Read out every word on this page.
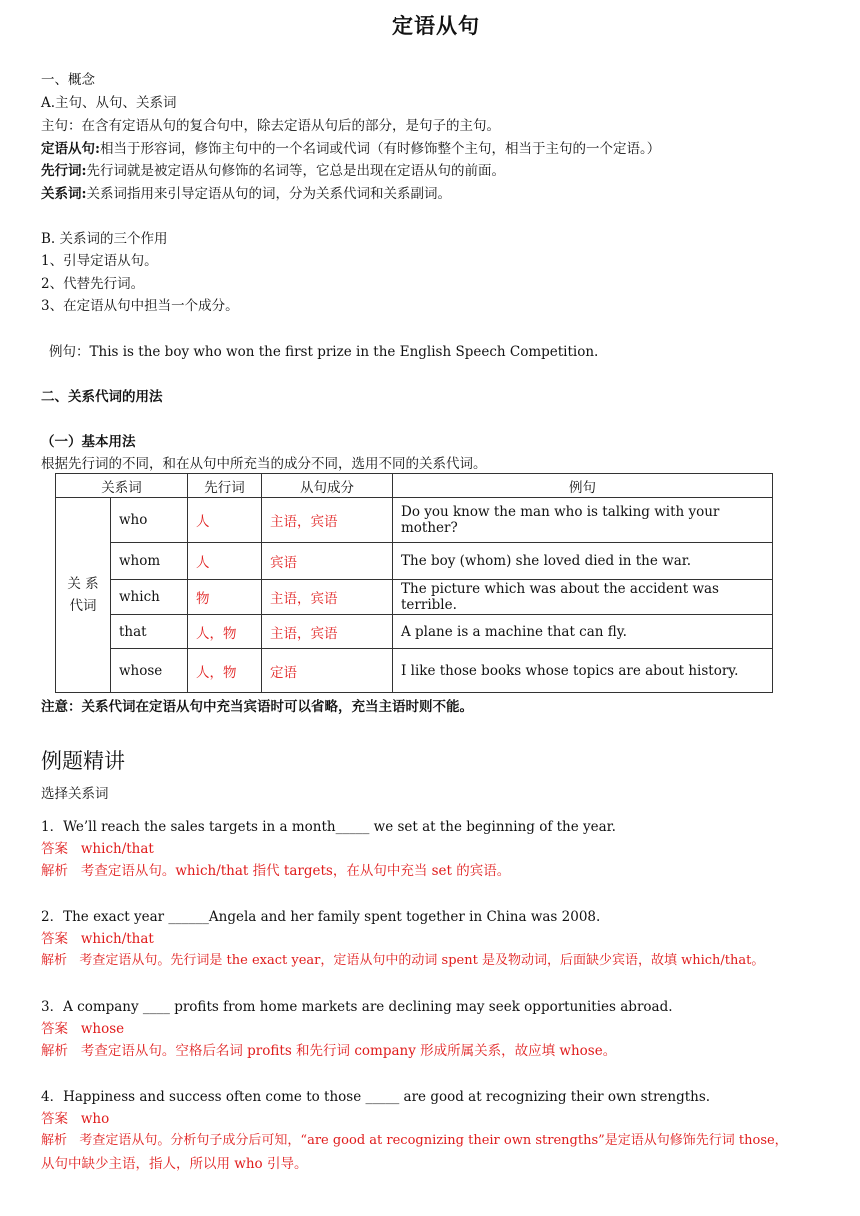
定语从句
一、概念
A.主句、从句、关系词
主句：在含有定语从句的复合句中，除去定语从句后的部分，是句子的主句。
定语从句:相当于形容词，修饰主句中的一个名词或代词（有时修饰整个主句，相当于主句的一个定语。）
先行词:先行词就是被定语从句修饰的名词等，它总是出现在定语从句的前面。
关系词:关系词指用来引导定语从句的词，分为关系代词和关系副词。
B. 关系词的三个作用
1、引导定语从句。
2、代替先行词。
3、在定语从句中担当一个成分。
例句：This is the boy who won the first prize in the English Speech Competition.
二、关系代词的用法
（一）基本用法
根据先行词的不同，和在从句中所充当的成分不同，选用不同的关系代词。
关系词		先行词	从句成分	例句

关 系
代词	who	人	主语，宾语	Do you know the man who is talking with your mother?
	whom	人	宾语	The boy (whom) she loved died in the war.
	which	物	主语，宾语	The picture which was about the accident was terrible.
	that	人，物	主语，宾语	A plane is a machine that can fly.
	whose	人，物	定语	I like those books whose topics are about history.
注意：关系代词在定语从句中充当宾语时可以省略，充当主语时则不能。
例题精讲
选择关系词
1．We’ll reach the sales targets in a month_____ we set at the beginning of the year.
答案 which/that
解析 考查定语从句。which/that 指代 targets，在从句中充当 set 的宾语。
2．The exact year ______Angela and her family spent together in China was 2008.
答案 which/that
解析 考查定语从句。先行词是 the exact year，定语从句中的动词 spent 是及物动词，后面缺少宾语，故填 which/that。
3．A company ____ profits from home markets are declining may seek opportunities abroad.
答案 whose
解析 考查定语从句。空格后名词 profits 和先行词 company 形成所属关系，故应填 whose。
4．Happiness and success often come to those _____ are good at recognizing their own strengths.
答案 who
解析 考查定语从句。分析句子成分后可知，“are good at recognizing their own strengths”是定语从句修饰先行词 those，
从句中缺少主语，指人，所以用 who 引导。
